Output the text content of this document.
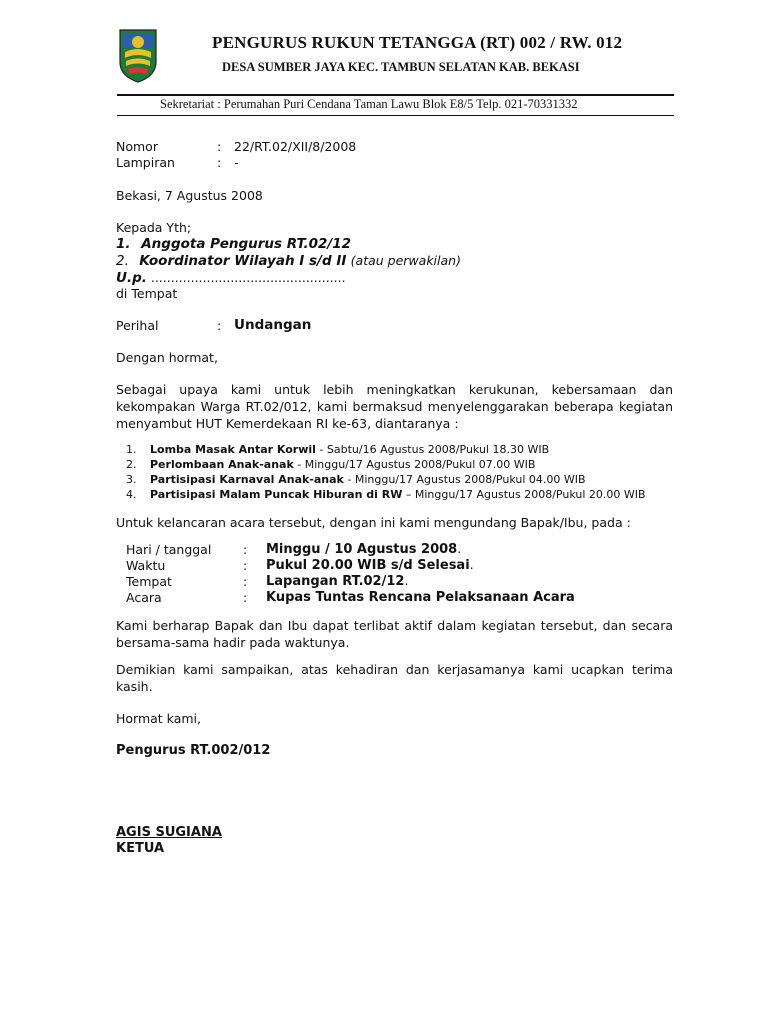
PENGURUS RUKUN TETANGGA (RT) 002 / RW. 012
DESA SUMBER JAYA KEC. TAMBUN SELATAN KAB. BEKASI
Sekretariat : Perumahan Puri Cendana Taman Lawu Blok E8/5 Telp. 021-70331332
Nomor	: 22/RT.02/XII/8/2008
Lampiran	: -
Bekasi, 7 Agustus 2008
Kepada Yth;
1. Anggota Pengurus RT.02/12
2. Koordinator Wilayah I s/d II (atau perwakilan)
U.p. .................................................
di Tempat
Perihal	: Undangan
Dengan hormat,
Sebagai upaya kami untuk lebih meningkatkan kerukunan, kebersamaan dan kekompakan Warga RT.02/012, kami bermaksud menyelenggarakan beberapa kegiatan menyambut HUT Kemerdekaan RI ke-63, diantaranya :
1. Lomba Masak Antar Korwil - Sabtu/16 Agustus 2008/Pukul 18.30 WIB
2. Perlombaan Anak-anak - Minggu/17 Agustus 2008/Pukul 07.00 WIB
3. Partisipasi Karnaval Anak-anak - Minggu/17 Agustus 2008/Pukul 04.00 WIB
4. Partisipasi Malam Puncak Hiburan di RW – Minggu/17 Agustus 2008/Pukul 20.00 WIB
Untuk kelancaran acara tersebut, dengan ini kami mengundang Bapak/Ibu, pada :
Hari / tanggal	: Minggu / 10 Agustus 2008.
Waktu	: Pukul 20.00 WIB s/d Selesai.
Tempat	: Lapangan RT.02/12.
Acara	: Kupas Tuntas Rencana Pelaksanaan Acara
Kami berharap Bapak dan Ibu dapat terlibat aktif dalam kegiatan tersebut, dan secara bersama-sama hadir pada waktunya.
Demikian kami sampaikan, atas kehadiran dan kerjasamanya kami ucapkan terima kasih.
Hormat kami,
Pengurus RT.002/012
AGIS SUGIANA
KETUA
